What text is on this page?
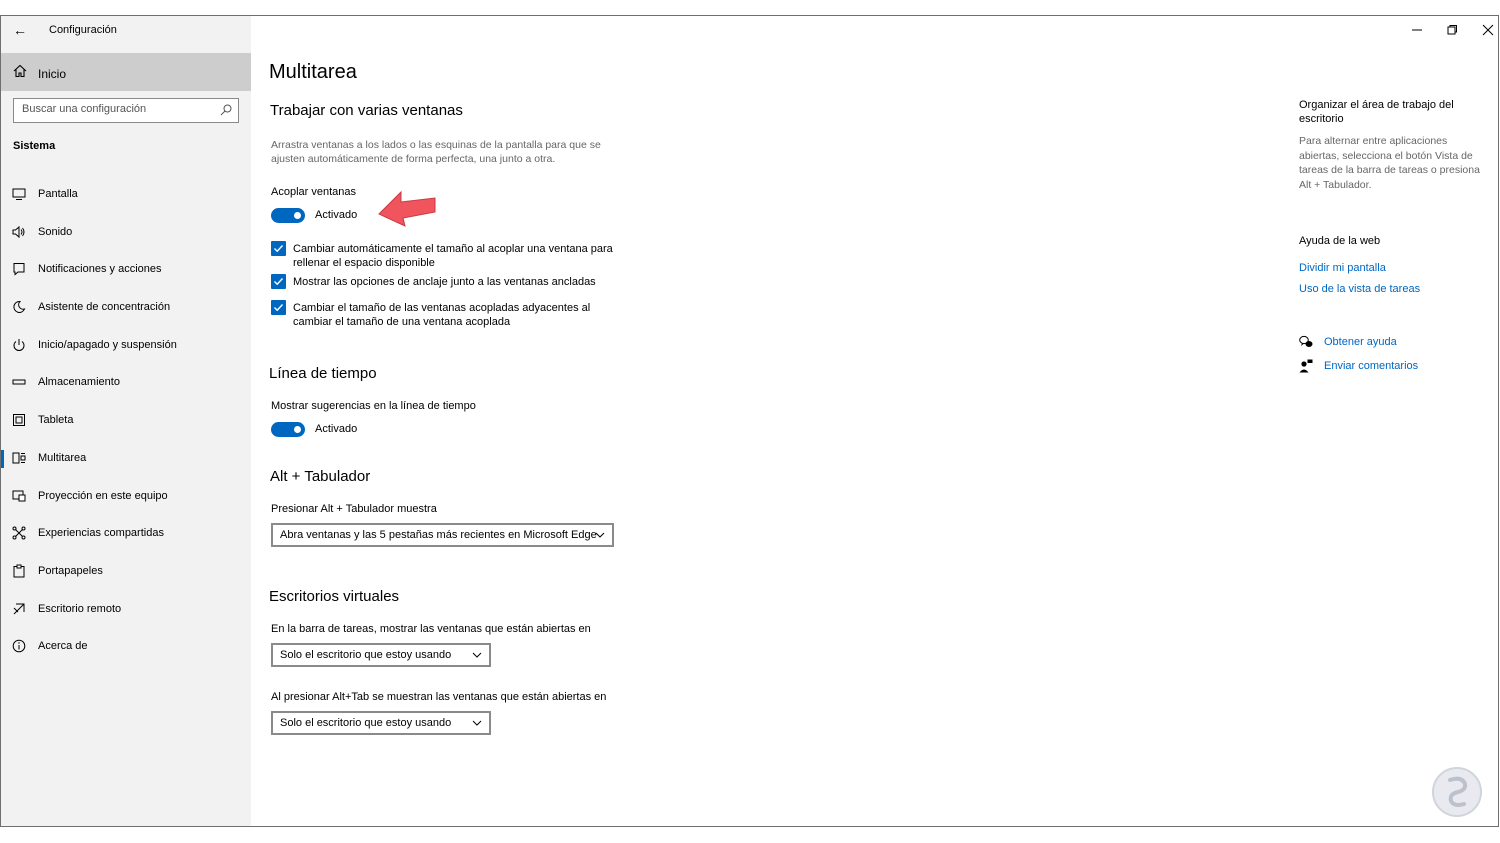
← Configuración
Inicio
Buscar una configuración
Sistema
Pantalla
Sonido
Notificaciones y acciones
Asistente de concentración
Inicio/apagado y suspensión
Almacenamiento
Tableta
Multitarea
Proyección en este equipo
Experiencias compartidas
Portapapeles
Escritorio remoto
Acerca de
Multitarea
Trabajar con varias ventanas
Arrastra ventanas a los lados o las esquinas de la pantalla para que se ajusten automáticamente de forma perfecta, una junto a otra.
Acoplar ventanas
Activado
Cambiar automáticamente el tamaño al acoplar una ventana para rellenar el espacio disponible
Mostrar las opciones de anclaje junto a las ventanas ancladas
Cambiar el tamaño de las ventanas acopladas adyacentes al cambiar el tamaño de una ventana acoplada
Línea de tiempo
Mostrar sugerencias en la línea de tiempo
Activado
Alt + Tabulador
Presionar Alt + Tabulador muestra
Abra ventanas y las 5 pestañas más recientes en Microsoft Edge
Escritorios virtuales
En la barra de tareas, mostrar las ventanas que están abiertas en
Solo el escritorio que estoy usando
Al presionar Alt+Tab se muestran las ventanas que están abiertas en
Solo el escritorio que estoy usando
Organizar el área de trabajo del escritorio
Para alternar entre aplicaciones abiertas, selecciona el botón Vista de tareas de la barra de tareas o presiona Alt + Tabulador.
Ayuda de la web
Dividir mi pantalla
Uso de la vista de tareas
Obtener ayuda
Enviar comentarios
